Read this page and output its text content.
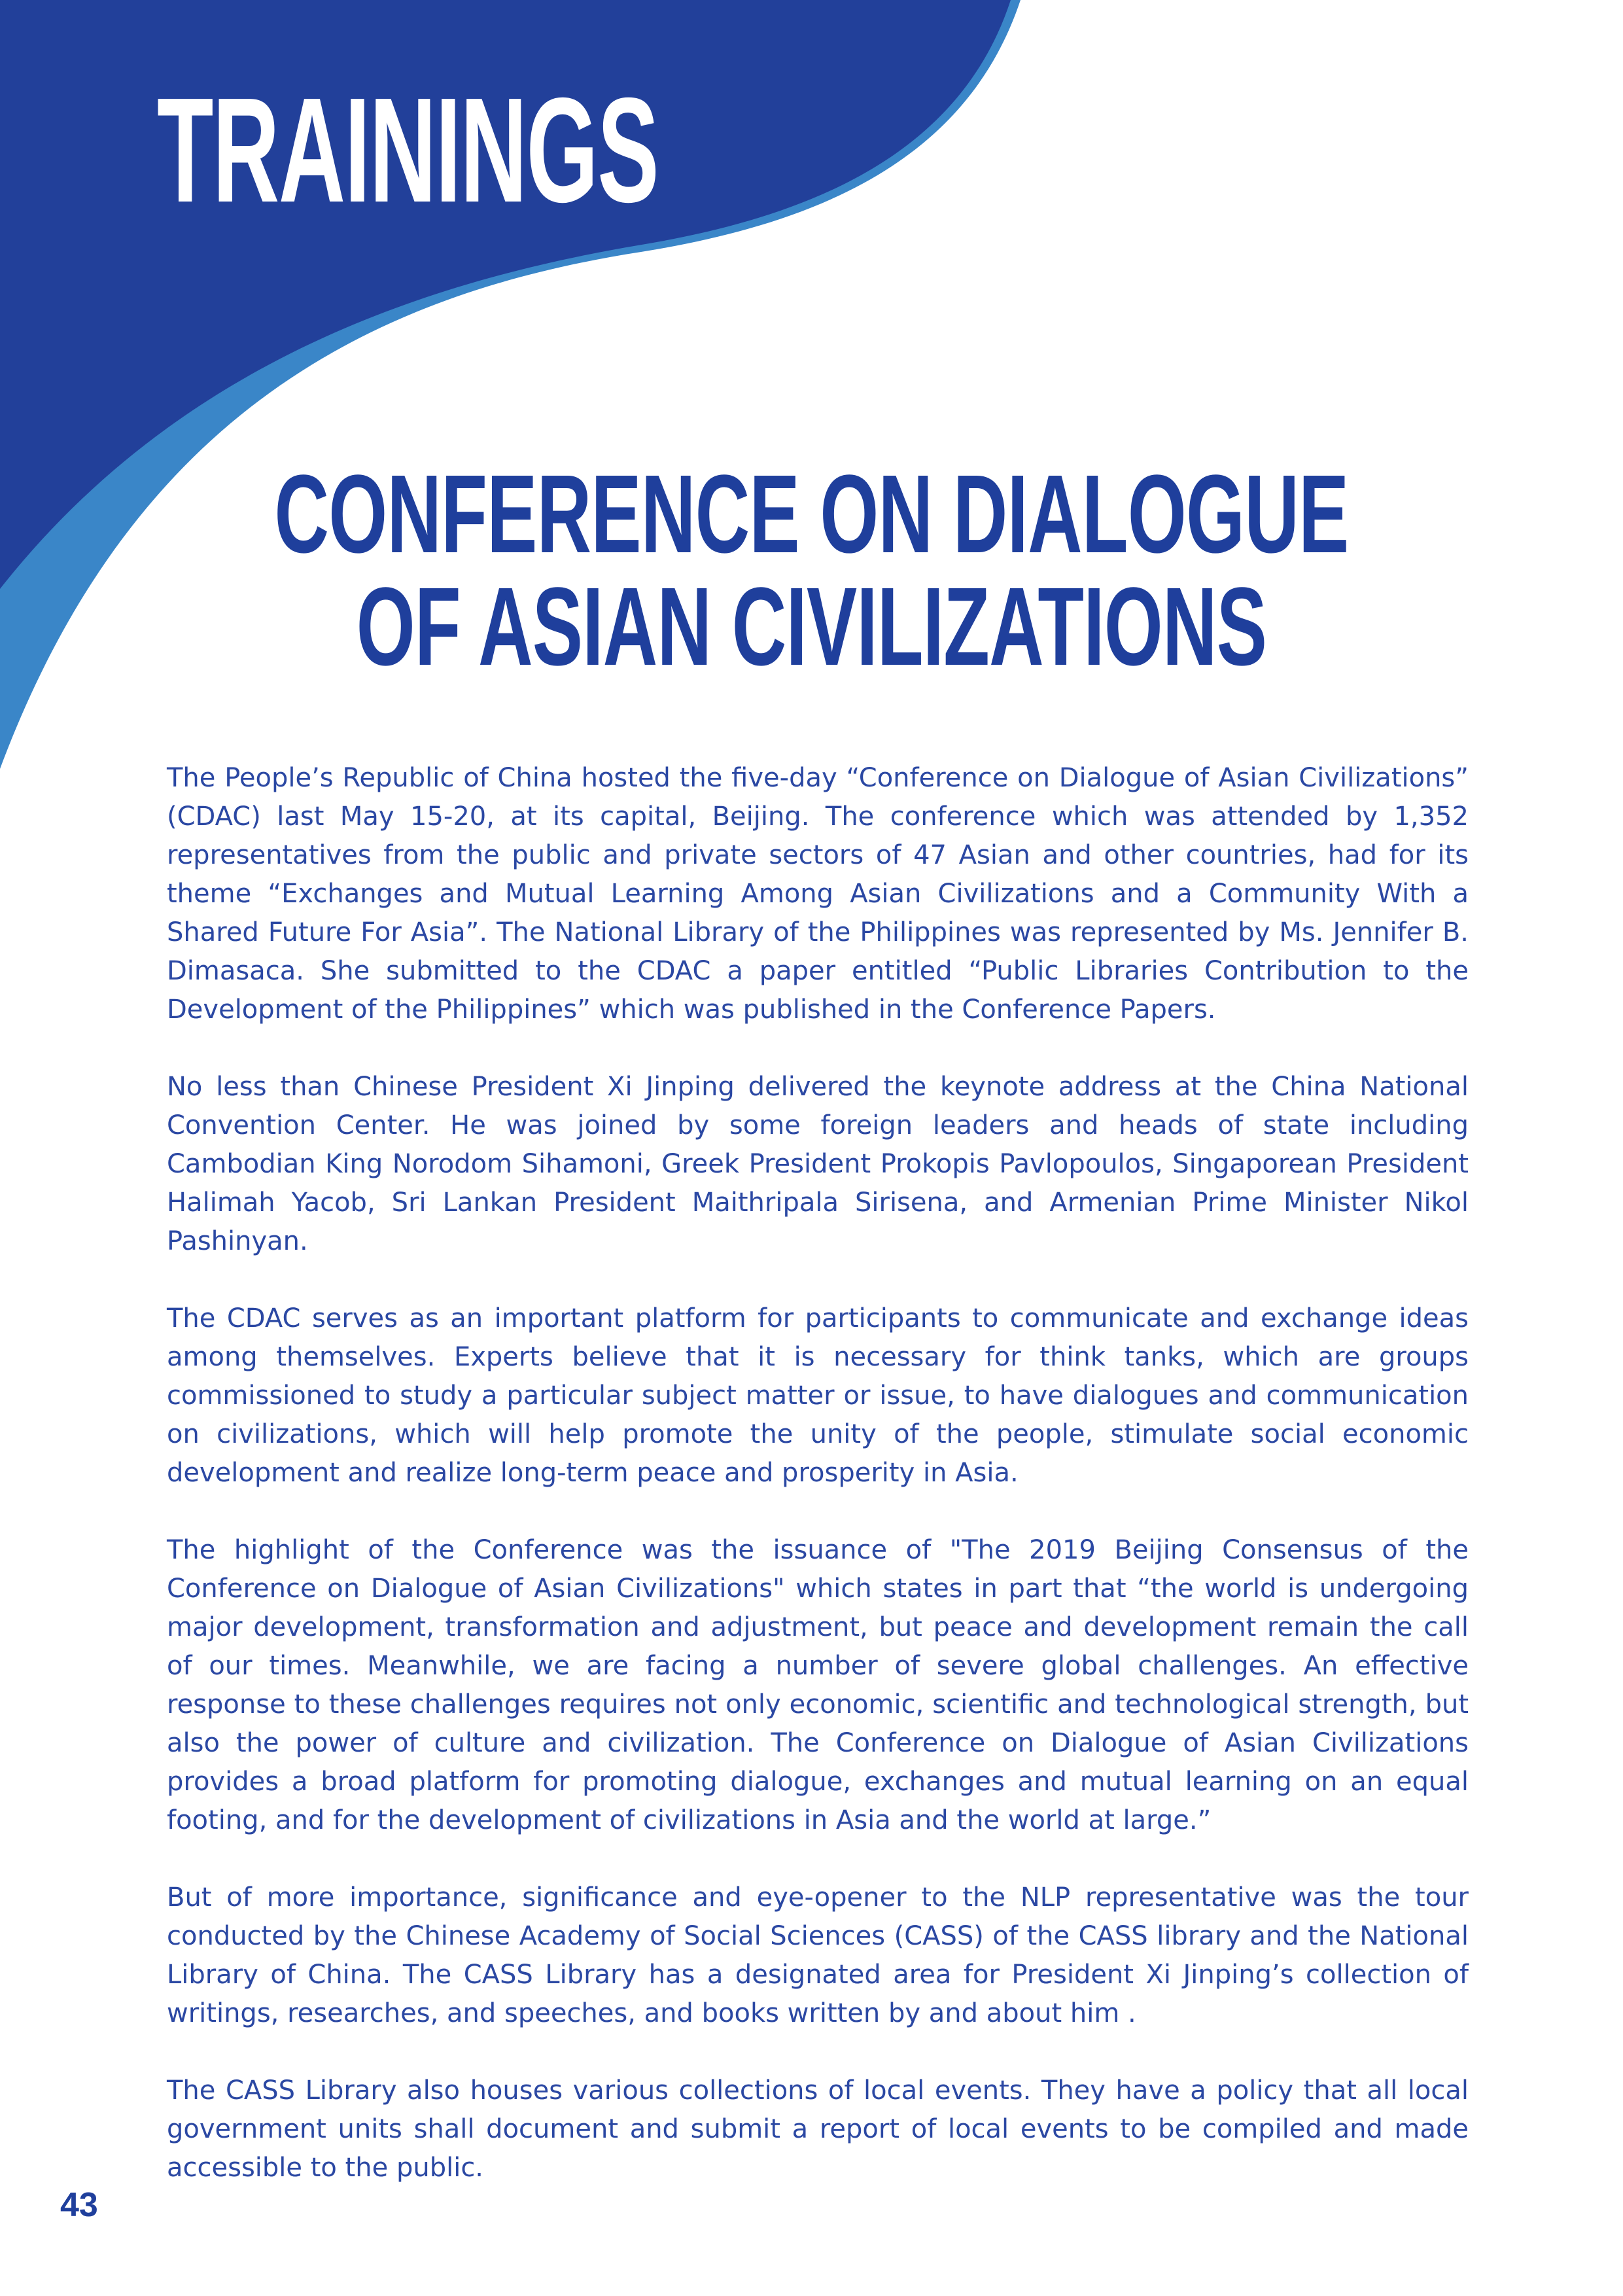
TRAININGS
CONFERENCE ON DIALOGUE
OF ASIAN CIVILIZATIONS

The People’s Republic of China hosted the five-day “Conference on Dialogue of Asian Civilizations” (CDAC) last May 15-20, at its capital, Beijing. The conference which was attended by 1,352 representatives from the public and private sectors of 47 Asian and other countries, had for its theme “Exchanges and Mutual Learning Among Asian Civilizations and a Community With a Shared Future For Asia”. The National Library of the Philippines was represented by Ms. Jennifer B. Dimasaca. She submitted to the CDAC a paper entitled “Public Libraries Contribution to the Development of the Philippines” which was published in the Conference Papers.

No less than Chinese President Xi Jinping delivered the keynote address at the China National Convention Center. He was joined by some foreign leaders and heads of state including Cambodian King Norodom Sihamoni, Greek President Prokopis Pavlopoulos, Singaporean President Halimah Yacob, Sri Lankan President Maithripala Sirisena, and Armenian Prime Minister Nikol Pashinyan.

The CDAC serves as an important platform for participants to communicate and exchange ideas among themselves. Experts believe that it is necessary for think tanks, which are groups commissioned to study a particular subject matter or issue, to have dialogues and communication on civilizations, which will help promote the unity of the people, stimulate social economic development and realize long-term peace and prosperity in Asia.

The highlight of the Conference was the issuance of "The 2019 Beijing Consensus of the Conference on Dialogue of Asian Civilizations" which states in part that “the world is undergoing major development, transformation and adjustment, but peace and development remain the call of our times. Meanwhile, we are facing a number of severe global challenges. An effective response to these challenges requires not only economic, scientific and technological strength, but also the power of culture and civilization. The Conference on Dialogue of Asian Civilizations provides a broad platform for promoting dialogue, exchanges and mutual learning on an equal footing, and for the development of civilizations in Asia and the world at large.”

But of more importance, significance and eye-opener to the NLP representative was the tour conducted by the Chinese Academy of Social Sciences (CASS) of the CASS library and the National Library of China. The CASS Library has a designated area for President Xi Jinping’s collection of writings, researches, and speeches, and books written by and about him .

The CASS Library also houses various collections of local events. They have a policy that all local government units shall document and submit a report of local events to be compiled and made accessible to the public.

43
